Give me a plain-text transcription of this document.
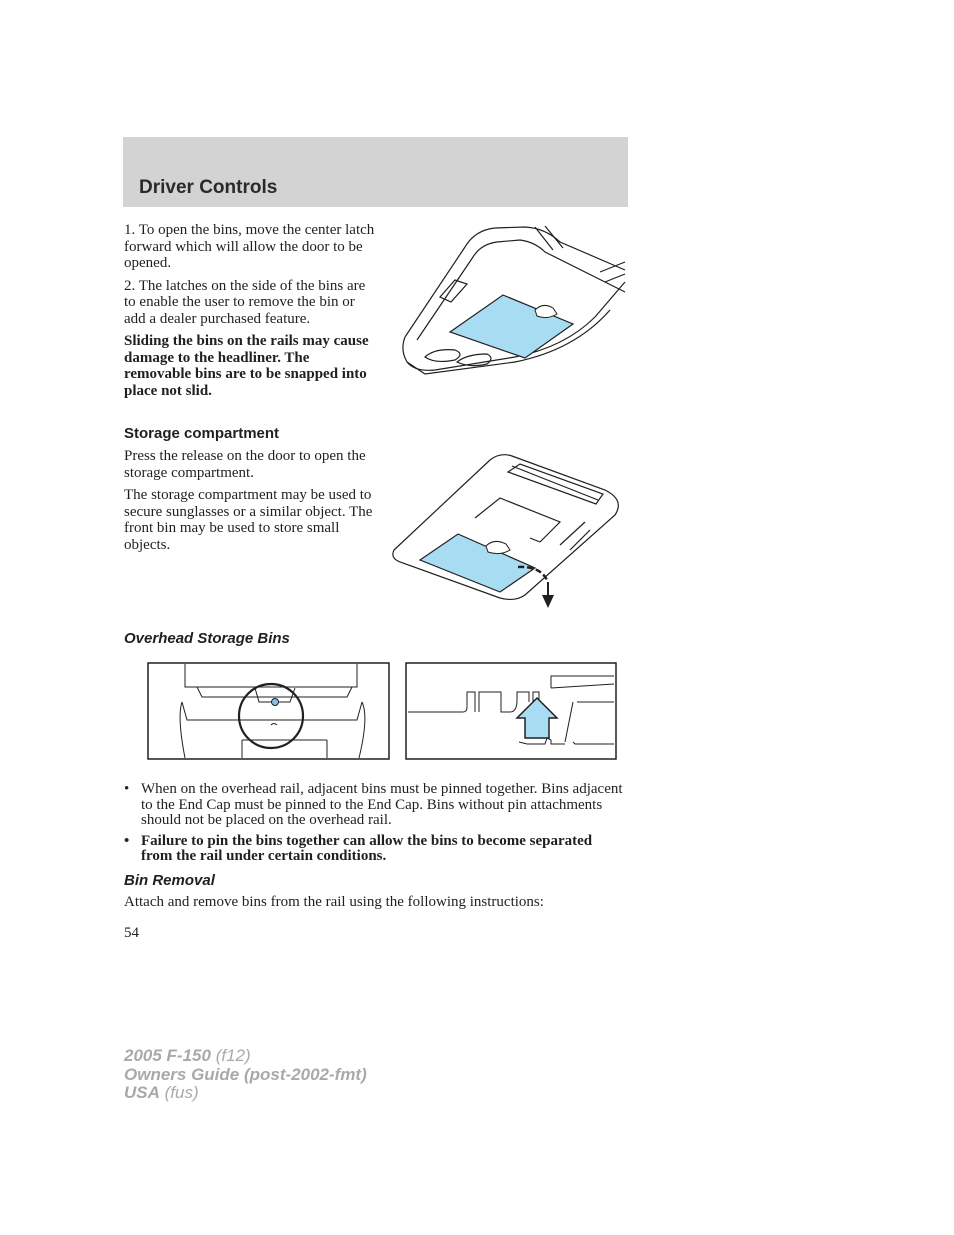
Driver Controls

1. To open the bins, move the center latch forward which will allow the door to be opened.

2. The latches on the side of the bins are to enable the user to remove the bin or add a dealer purchased feature.

Sliding the bins on the rails may cause damage to the headliner. The removable bins are to be snapped into place not slid.

Storage compartment

Press the release on the door to open the storage compartment.

The storage compartment may be used to secure sunglasses or a similar object. The front bin may be used to store small objects.

Overhead Storage Bins
• When on the overhead rail, adjacent bins must be pinned together. Bins adjacent to the End Cap must be pinned to the End Cap. Bins without pin attachments should not be placed on the overhead rail.
• Failure to pin the bins together can allow the bins to become separated from the rail under certain conditions.
Bin Removal

Attach and remove bins from the rail using the following instructions:

54
2005 F-150 (f12)
Owners Guide (post-2002-fmt)
USA (fus)
